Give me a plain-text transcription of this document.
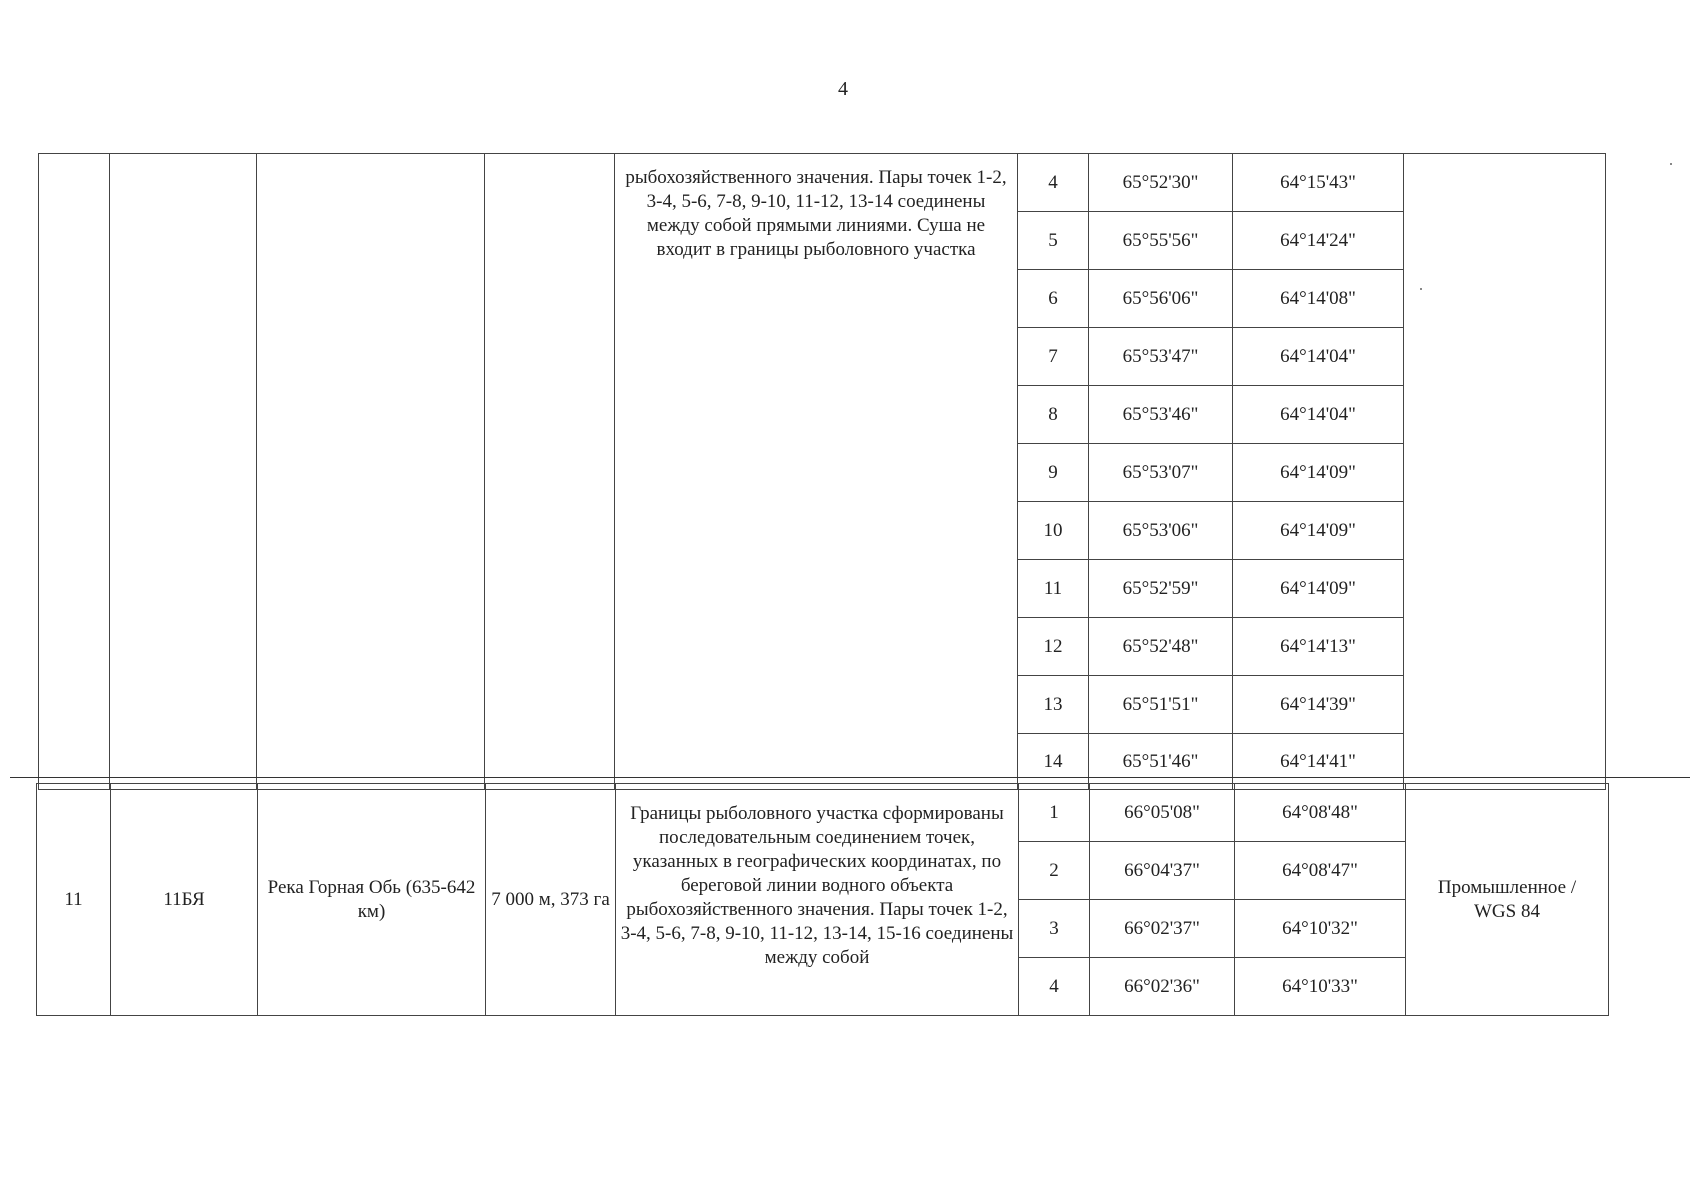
4
				рыбохозяйственного значения. Пары точек 1-2, 3-4, 5-6, 7-8, 9-10, 11-12, 13-14 соединены между собой прямыми линиями. Суша не входит в границы рыболовного участка	4	65°52'30"	64°15'43"	
					5	65°55'56"	64°14'24"	
					6	65°56'06"	64°14'08"	
					7	65°53'47"	64°14'04"	
					8	65°53'46"	64°14'04"	
					9	65°53'07"	64°14'09"	
					10	65°53'06"	64°14'09"	
					11	65°52'59"	64°14'09"	
					12	65°52'48"	64°14'13"	
					13	65°51'51"	64°14'39"	
					14	65°51'46"	64°14'41"	
11	11БЯ	Река Горная Обь (635-642 км)	7 000 м, 373 га	Границы рыболовного участка сформированы последовательным соединением точек, указанных в географических координатах, по береговой линии водного объекта рыбохозяйственного значения. Пары точек 1-2, 3-4, 5-6, 7-8, 9-10, 11-12, 13-14, 15-16 соединены между собой	1	66°05'08"	64°08'48"	Промышленное / WGS 84
					2	66°04'37"	64°08'47"	
					3	66°02'37"	64°10'32"	
					4	66°02'36"	64°10'33"	
